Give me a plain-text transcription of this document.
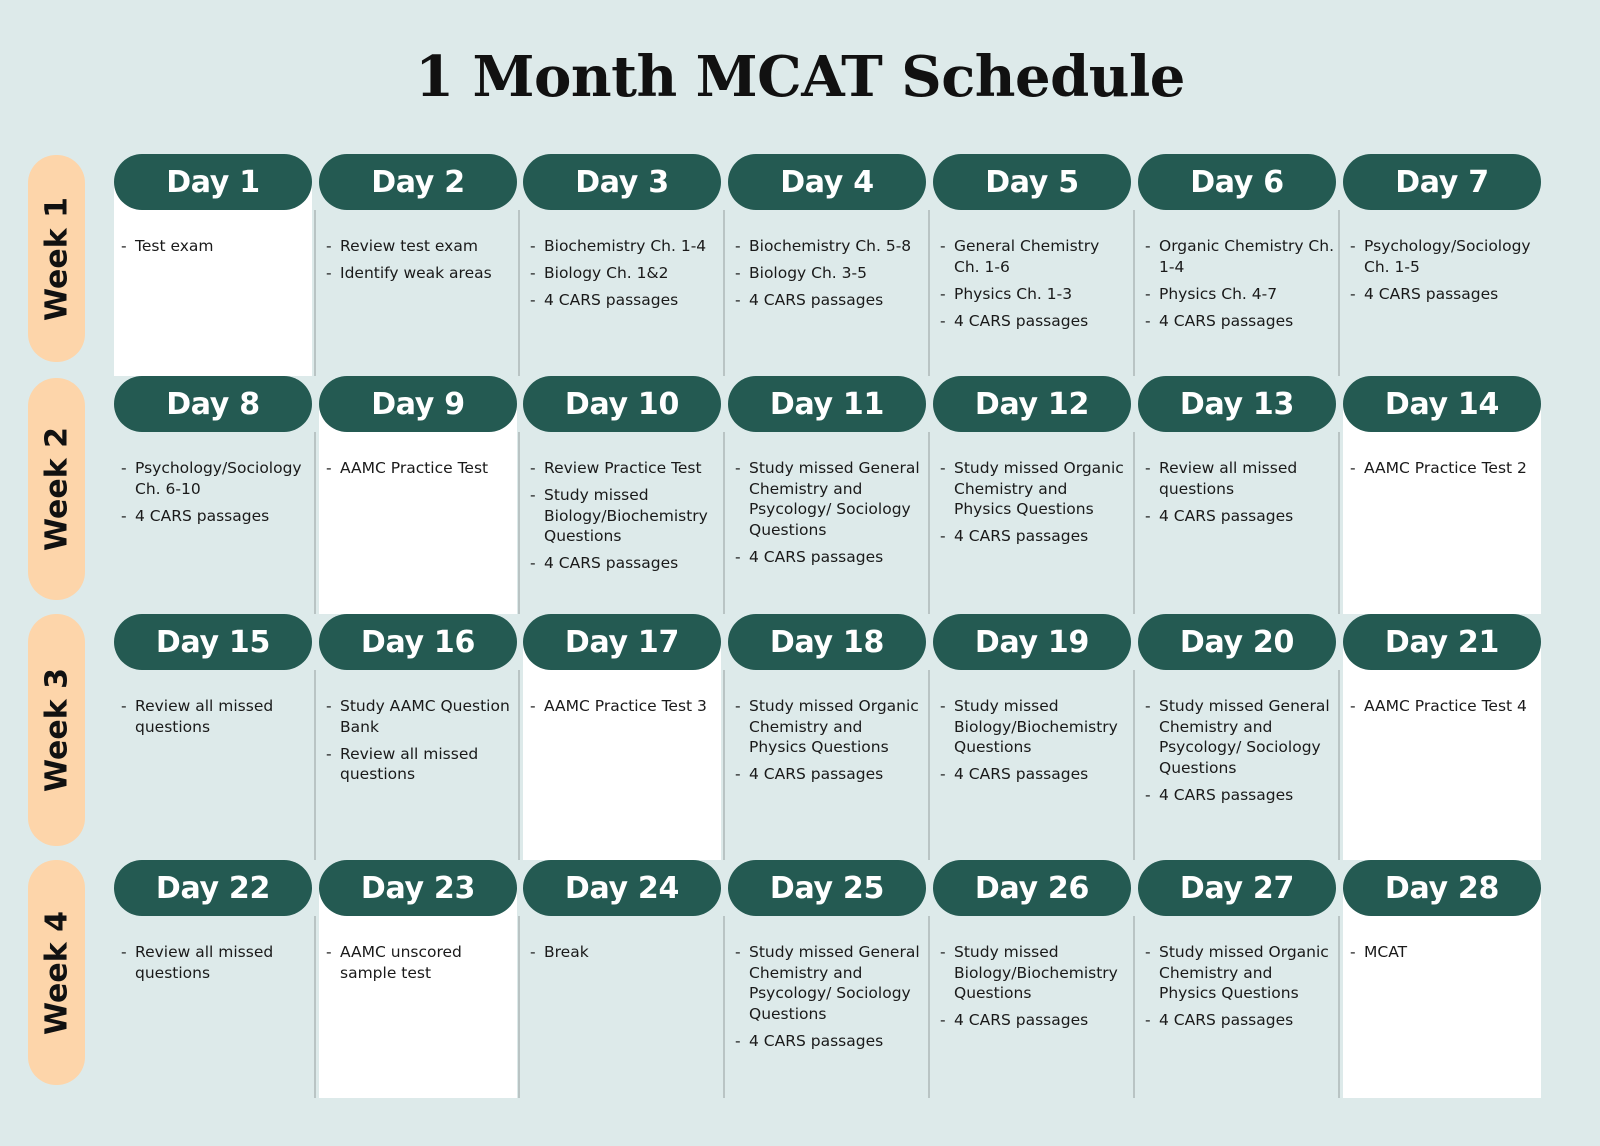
1 Month MCAT Schedule
Week 1
Day 1
- Test exam
Day 2
- Review test exam
- Identify weak areas
Day 3
- Biochemistry Ch. 1-4
- Biology Ch. 1&2
- 4 CARS passages
Day 4
- Biochemistry Ch. 5-8
- Biology Ch. 3-5
- 4 CARS passages
Day 5
- General Chemistry Ch. 1-6
- Physics Ch. 1-3
- 4 CARS passages
Day 6
- Organic Chemistry Ch. 1-4
- Physics Ch. 4-7
- 4 CARS passages
Day 7
- Psychology/Sociology Ch. 1-5
- 4 CARS passages
Week 2
Day 8
- Psychology/Sociology Ch. 6-10
- 4 CARS passages
Day 9
- AAMC Practice Test
Day 10
- Review Practice Test
- Study missed Biology/Biochemistry Questions
- 4 CARS passages
Day 11
- Study missed General Chemistry and Psycology/ Sociology Questions
- 4 CARS passages
Day 12
- Study missed Organic Chemistry and Physics Questions
- 4 CARS passages
Day 13
- Review all missed questions
- 4 CARS passages
Day 14
- AAMC Practice Test 2
Week 3
Day 15
- Review all missed questions
Day 16
- Study AAMC Question Bank
- Review all missed questions
Day 17
- AAMC Practice Test 3
Day 18
- Study missed Organic Chemistry and Physics Questions
- 4 CARS passages
Day 19
- Study missed Biology/Biochemistry Questions
- 4 CARS passages
Day 20
- Study missed General Chemistry and Psycology/ Sociology Questions
- 4 CARS passages
Day 21
- AAMC Practice Test 4
Week 4
Day 22
- Review all missed questions
Day 23
- AAMC unscored sample test
Day 24
- Break
Day 25
- Study missed General Chemistry and Psycology/ Sociology Questions
- 4 CARS passages
Day 26
- Study missed Biology/Biochemistry Questions
- 4 CARS passages
Day 27
- Study missed Organic Chemistry and Physics Questions
- 4 CARS passages
Day 28
- MCAT
